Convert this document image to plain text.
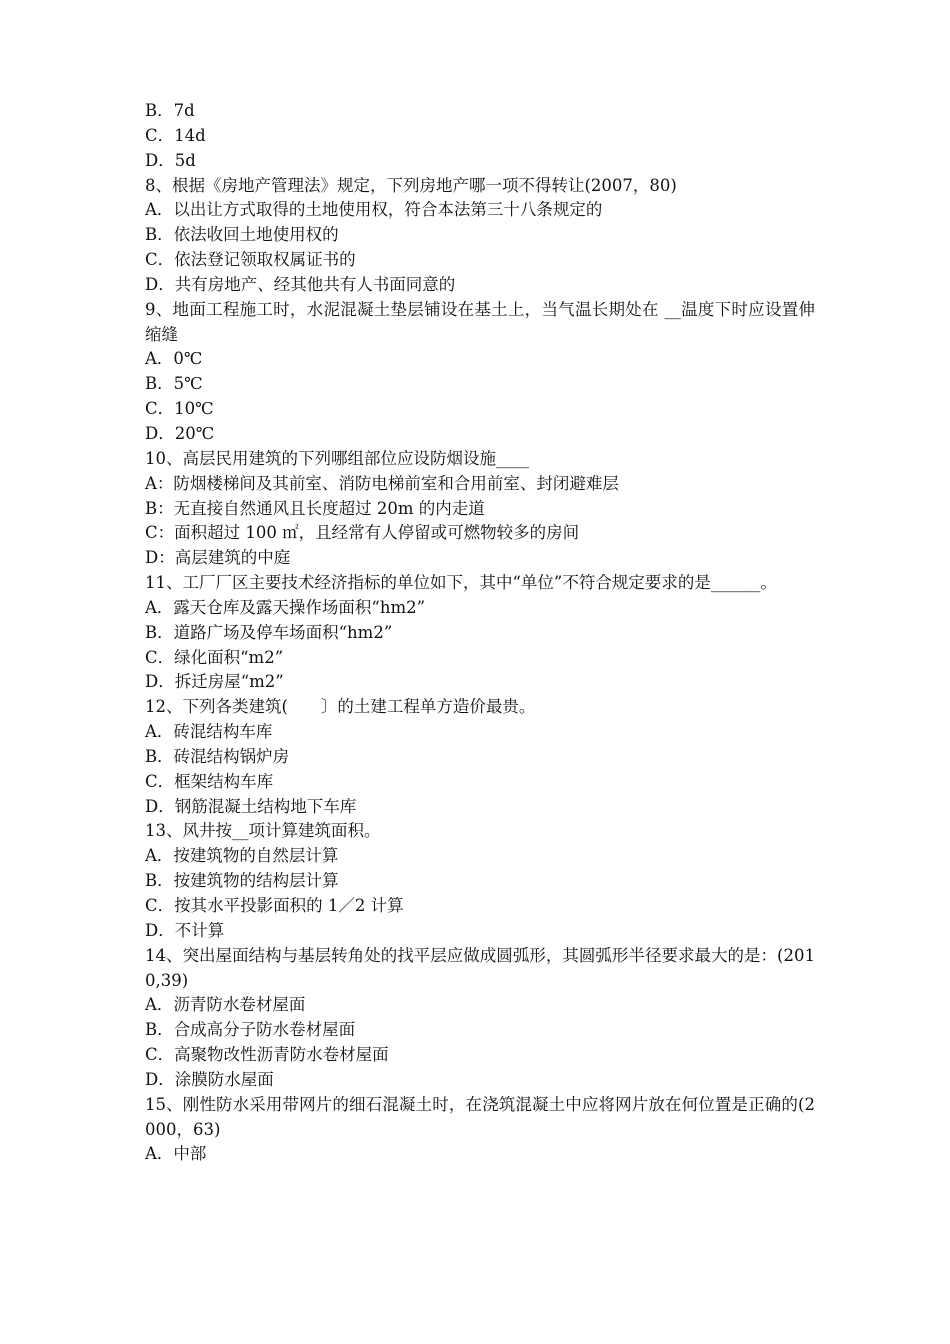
B．7d
C．14d
D．5d
8、根据《房地产管理法》规定，下列房地产哪一项不得转让(2007，80)
A．以出让方式取得的土地使用权，符合本法第三十八条规定的
B．依法收回土地使用权的
C．依法登记领取权属证书的
D．共有房地产、经其他共有人书面同意的
9、地面工程施工时，水泥混凝土垫层铺设在基土上，当气温长期处在 __温度下时应设置伸缩缝
A．0℃
B．5℃
C．10℃
D．20℃
10、高层民用建筑的下列哪组部位应设防烟设施____
A：防烟楼梯间及其前室、消防电梯前室和合用前室、封闭避难层
B：无直接自然通风且长度超过 20m 的内走道
C：面积超过 100 ㎡，且经常有人停留或可燃物较多的房间
D：高层建筑的中庭
11、工厂厂区主要技术经济指标的单位如下，其中“单位”不符合规定要求的是______。
A．露天仓库及露天操作场面积“hm2”
B．道路广场及停车场面积“hm2”
C．绿化面积“m2”
D．拆迁房屋“m2”
12、下列各类建筑(　　〕的土建工程单方造价最贵。
A．砖混结构车库
B．砖混结构锅炉房
C．框架结构车库
D．钢筋混凝土结构地下车库
13、风井按__项计算建筑面积。
A．按建筑物的自然层计算
B．按建筑物的结构层计算
C．按其水平投影面积的 1／2 计算
D．不计算
14、突出屋面结构与基层转角处的找平层应做成圆弧形，其圆弧形半径要求最大的是：(2010,39)
A．沥青防水卷材屋面
B．合成高分子防水卷材屋面
C．高聚物改性沥青防水卷材屋面
D．涂膜防水屋面
15、刚性防水采用带网片的细石混凝土时，在浇筑混凝土中应将网片放在何位置是正确的(2000，63)
A．中部
